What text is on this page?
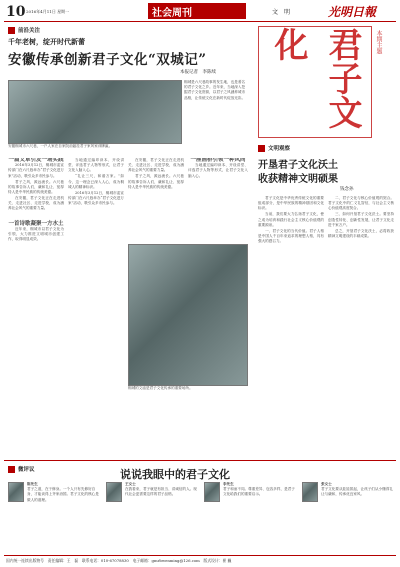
10 2016年4月11日 星期一	社会周刊	文　明	光明日報
前沿关注
千年老树，绽开时代新蕾
安徽传承创新君子文化“双城记”
本报记者　李陈续
安徽桐城市六尺巷，一户人家在自家院前悬挂君子家风家训牌匾。
桐城是六尺巷故事的发生地，也是著名的君子文化之乡。近年来，当地深入挖掘君子文化资源，以君子之风涵养城市品格，让传统文化在新时代绽放光彩。
一篇文章引发一场实践

2016年3月12日，桐城市委宣传部门在六尺巷举办“君子文化进万家”活动，吸引众多市民参与。

君子之风，源远流长。六尺巷的故事告诉人们，谦和礼让、宽厚待人是中华民族的传统美德。

在安徽，君子文化正在走进机关、走进社区、走进学校，成为涵养社会风气的重要力量。

一首诗歌凝聚一方水土

近年来，桐城市以君子文化为引领，大力推进文明城市创建工作，取得明显成效。

当地通过编印读本、开设讲堂、评选君子人物等形式，让君子文化入脑入心。

“礼让三尺，和谐万家。”如今，这一理念已深入人心，成为桐城人的精神标识。

2016年3月12日，桐城市委宣传部门在六尺巷举办“君子文化进万家”活动，吸引众多市民参与。

在安徽，君子文化正在走进机关、走进社区、走进学校，成为涵养社会风气的重要力量。

君子之风，源远流长。六尺巷的故事告诉人们，谦和礼让、宽厚待人是中华民族的传统美德。

一座画桥引领一种风尚

当地通过编印读本、开设讲堂、评选君子人物等形式，让君子文化入脑入心。

桐城的文庙是君子文化传承的重要场所。
君子文化	本期主题
文明观察
开垦君子文化沃土
收获精神文明硕果
钱念孙

君子文化是中华优秀传统文化的重要组成部分，是中华民族的精神基因和文化标识。

当前，我们要大力弘扬君子文化，使之成为培育和践行社会主义核心价值观的重要源泉。

一、君子文化的当代价值。君子人格是中国人千百年来追求的理想人格，具有强大的感召力。

二、君子文化与核心价值观的契合。君子文化中的仁义礼智信，与社会主义核心价值观高度契合。

三、如何开垦君子文化沃土。要坚持创造性转化、创新性发展，让君子文化走进千家万户。

总之，开垦君子文化沃土，必将收获精神文明建设的丰硕成果。

微评议	说说我眼中的君子文化
陈先生
君子之道，在于修身。一个人只有先修好自身，才能谈得上齐家治国。君子文化的核心是做人的道理。
王女士
在我看来，君子就是有担当、讲诚信的人。现代社会更需要这样的君子品格。
李先生
君子和而不同。尊重差异、包容多样，是君子文化给我们的重要启示。
张女士
君子文化要从娃娃抓起，让孩子们从小懂得礼让与谦和，传承优良家风。
国内统一连续出版物号　责任编辑：王　磊　联系电话：010-67078830　电子邮箱：gmrbwenming@126.com　版式设计：崔 巍
